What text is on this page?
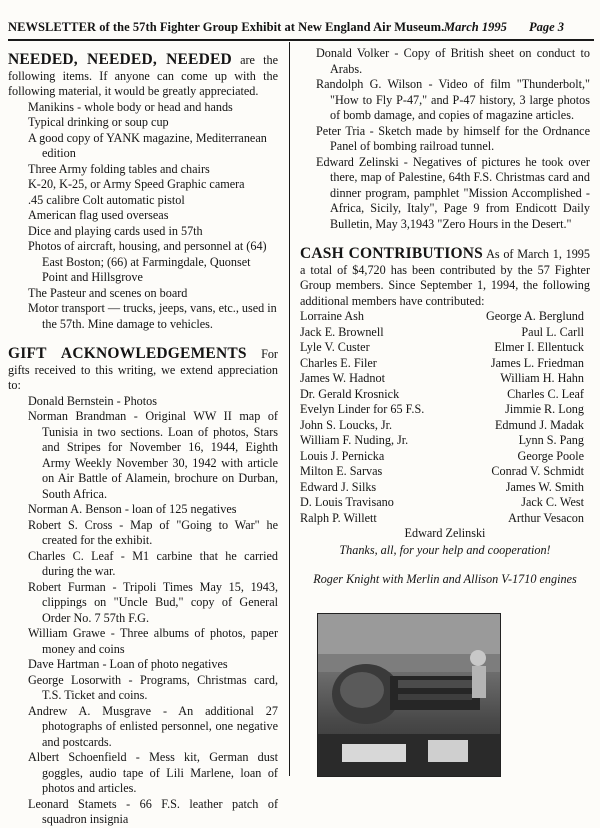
NEWSLETTER of the 57th Fighter Group Exhibit at New England Air Museum. March 1995 Page 3

NEEDED, NEEDED, NEEDED are the following items. If anyone can come up with the following material, it would be greatly appreciated.

Manikins - whole body or head and hands
Typical drinking or soup cup
A good copy of YANK magazine, Mediterranean edition
Three Army folding tables and chairs
K-20, K-25, or Army Speed Graphic camera
.45 calibre Colt automatic pistol
American flag used overseas
Dice and playing cards used in 57th
Photos of aircraft, housing, and personnel at (64) East Boston; (66) at Farmingdale, Quonset Point and Hillsgrove
The Pasteur and scenes on board
Motor transport — trucks, jeeps, vans, etc., used in the 57th. Mine damage to vehicles.

GIFT ACKNOWLEDGEMENTS For gifts received to this writing, we extend appreciation to:

Donald Bernstein - Photos
Norman Brandman - Original WW II map of Tunisia in two sections. Loan of photos, Stars and Stripes for November 16, 1944, Eighth Army Weekly November 30, 1942 with article on Air Battle of Alamein, brochure on Durban, South Africa.
Norman A. Benson - loan of 125 negatives
Robert S. Cross - Map of "Going to War" he created for the exhibit.
Charles C. Leaf - M1 carbine that he carried during the war.
Robert Furman - Tripoli Times May 15, 1943, clippings on "Uncle Bud," copy of General Order No. 7 57th F.G.
William Grawe - Three albums of photos, paper money and coins
Dave Hartman - Loan of photo negatives
George Losorwith - Programs, Christmas card, T.S. Ticket and coins.
Andrew A. Musgrave - An additional 27 photographs of enlisted personnel, one negative and postcards.
Albert Schoenfield - Mess kit, German dust goggles, audio tape of Lili Marlene, loan of photos and articles.
Leonard Stamets - 66 F.S. leather patch of squadron insignia
Donald Volker - Copy of British sheet on conduct to Arabs.
Randolph G. Wilson - Video of film "Thunderbolt," "How to Fly P-47," and P-47 history, 3 large photos of bomb damage, and copies of magazine articles.
Peter Tria - Sketch made by himself for the Ordnance Panel of bombing railroad tunnel.
Edward Zelinski - Negatives of pictures he took over there, map of Palestine, 64th F.S. Christmas card and dinner program, pamphlet "Mission Accomplished - Africa, Sicily, Italy", Page 9 from Endicott Daily Bulletin, May 3,1943 "Zero Hours in the Desert."

CASH CONTRIBUTIONS As of March 1, 1995 a total of $4,720 has been contributed by the 57 Fighter Group members. Since September 1, 1994, the following additional members have contributed:

Lorraine Ash	George A. Berglund
Jack E. Brownell	Paul L. Carll
Lyle V. Custer	Elmer I. Ellentuck
Charles E. Filer	James L. Friedman
James W. Hadnot	William H. Hahn
Dr. Gerald Krosnick	Charles C. Leaf
Evelyn Linder for 65 F.S.	Jimmie R. Long
John S. Loucks, Jr.	Edmund J. Madak
William F. Nuding, Jr.	Lynn S. Pang
Louis J. Pernicka	George Poole
Milton E. Sarvas	Conrad V. Schmidt
Edward J. Silks	James W. Smith
D. Louis Travisano	Jack C. West
Ralph P. Willett	Arthur Vesacon

Edward Zelinski

Thanks, all, for your help and cooperation!

Roger Knight with Merlin and Allison V-1710 engines
